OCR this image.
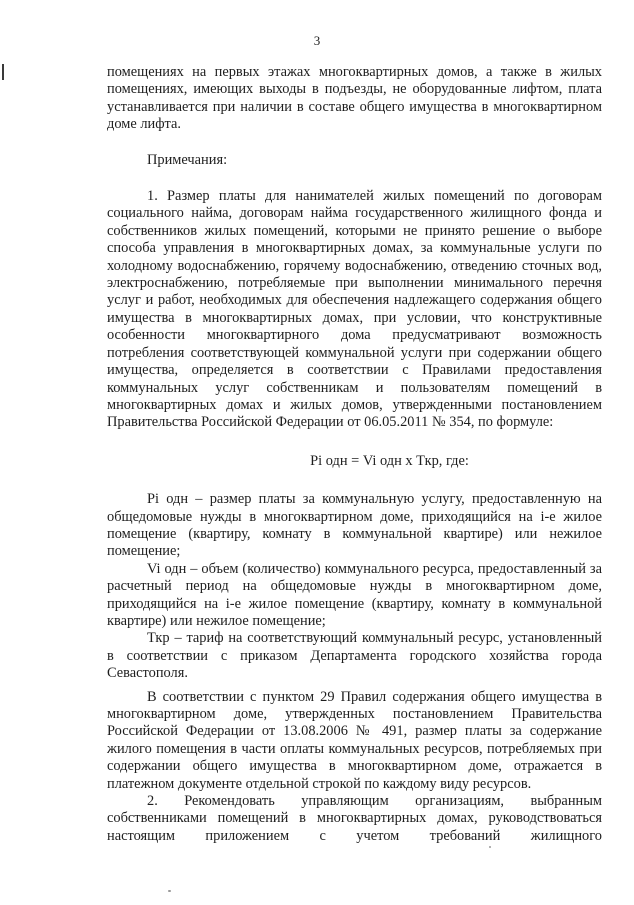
3

помещениях на первых этажах многоквартирных домов, а также в жилых помещениях, имеющих выходы в подъезды, не оборудованные лифтом, плата устанавливается при наличии в составе общего имущества в многоквартирном доме лифта.

Примечания:

1. Размер платы для нанимателей жилых помещений по договорам социального найма, договорам найма государственного жилищного фонда и собственников жилых помещений, которыми не принято решение о выборе способа управления в многоквартирных домах, за коммунальные услуги по холодному водоснабжению, горячему водоснабжению, отведению сточных вод, электроснабжению, потребляемые при выполнении минимального перечня услуг и работ, необходимых для обеспечения надлежащего содержания общего имущества в многоквартирных домах, при условии, что конструктивные особенности многоквартирного дома предусматривают возможность потребления соответствующей коммунальной услуги при содержании общего имущества, определяется в соответствии с Правилами предоставления коммунальных услуг собственникам и пользователям помещений в многоквартирных домах и жилых домов, утвержденными постановлением Правительства Российской Федерации от 06.05.2011 № 354, по формуле:

Pi одн = Vi одн x Ткр, где:

Pi одн – размер платы за коммунальную услугу, предоставленную на общедомовые нужды в многоквартирном доме, приходящийся на i-е жилое помещение (квартиру, комнату в коммунальной квартире) или нежилое помещение;

Vi одн – объем (количество) коммунального ресурса, предоставленный за расчетный период на общедомовые нужды в многоквартирном доме, приходящийся на i-е жилое помещение (квартиру, комнату в коммунальной квартире) или нежилое помещение;

Ткр – тариф на соответствующий коммунальный ресурс, установленный в соответствии с приказом Департамента городского хозяйства города Севастополя.

В соответствии с пунктом 29 Правил содержания общего имущества в многоквартирном доме, утвержденных постановлением Правительства Российской Федерации от 13.08.2006 № 491, размер платы за содержание жилого помещения в части оплаты коммунальных ресурсов, потребляемых при содержании общего имущества в многоквартирном доме, отражается в платежном документе отдельной строкой по каждому виду ресурсов.

2. Рекомендовать управляющим организациям, выбранным собственниками помещений в многоквартирных домах, руководствоваться настоящим приложением с учетом требований жилищного
